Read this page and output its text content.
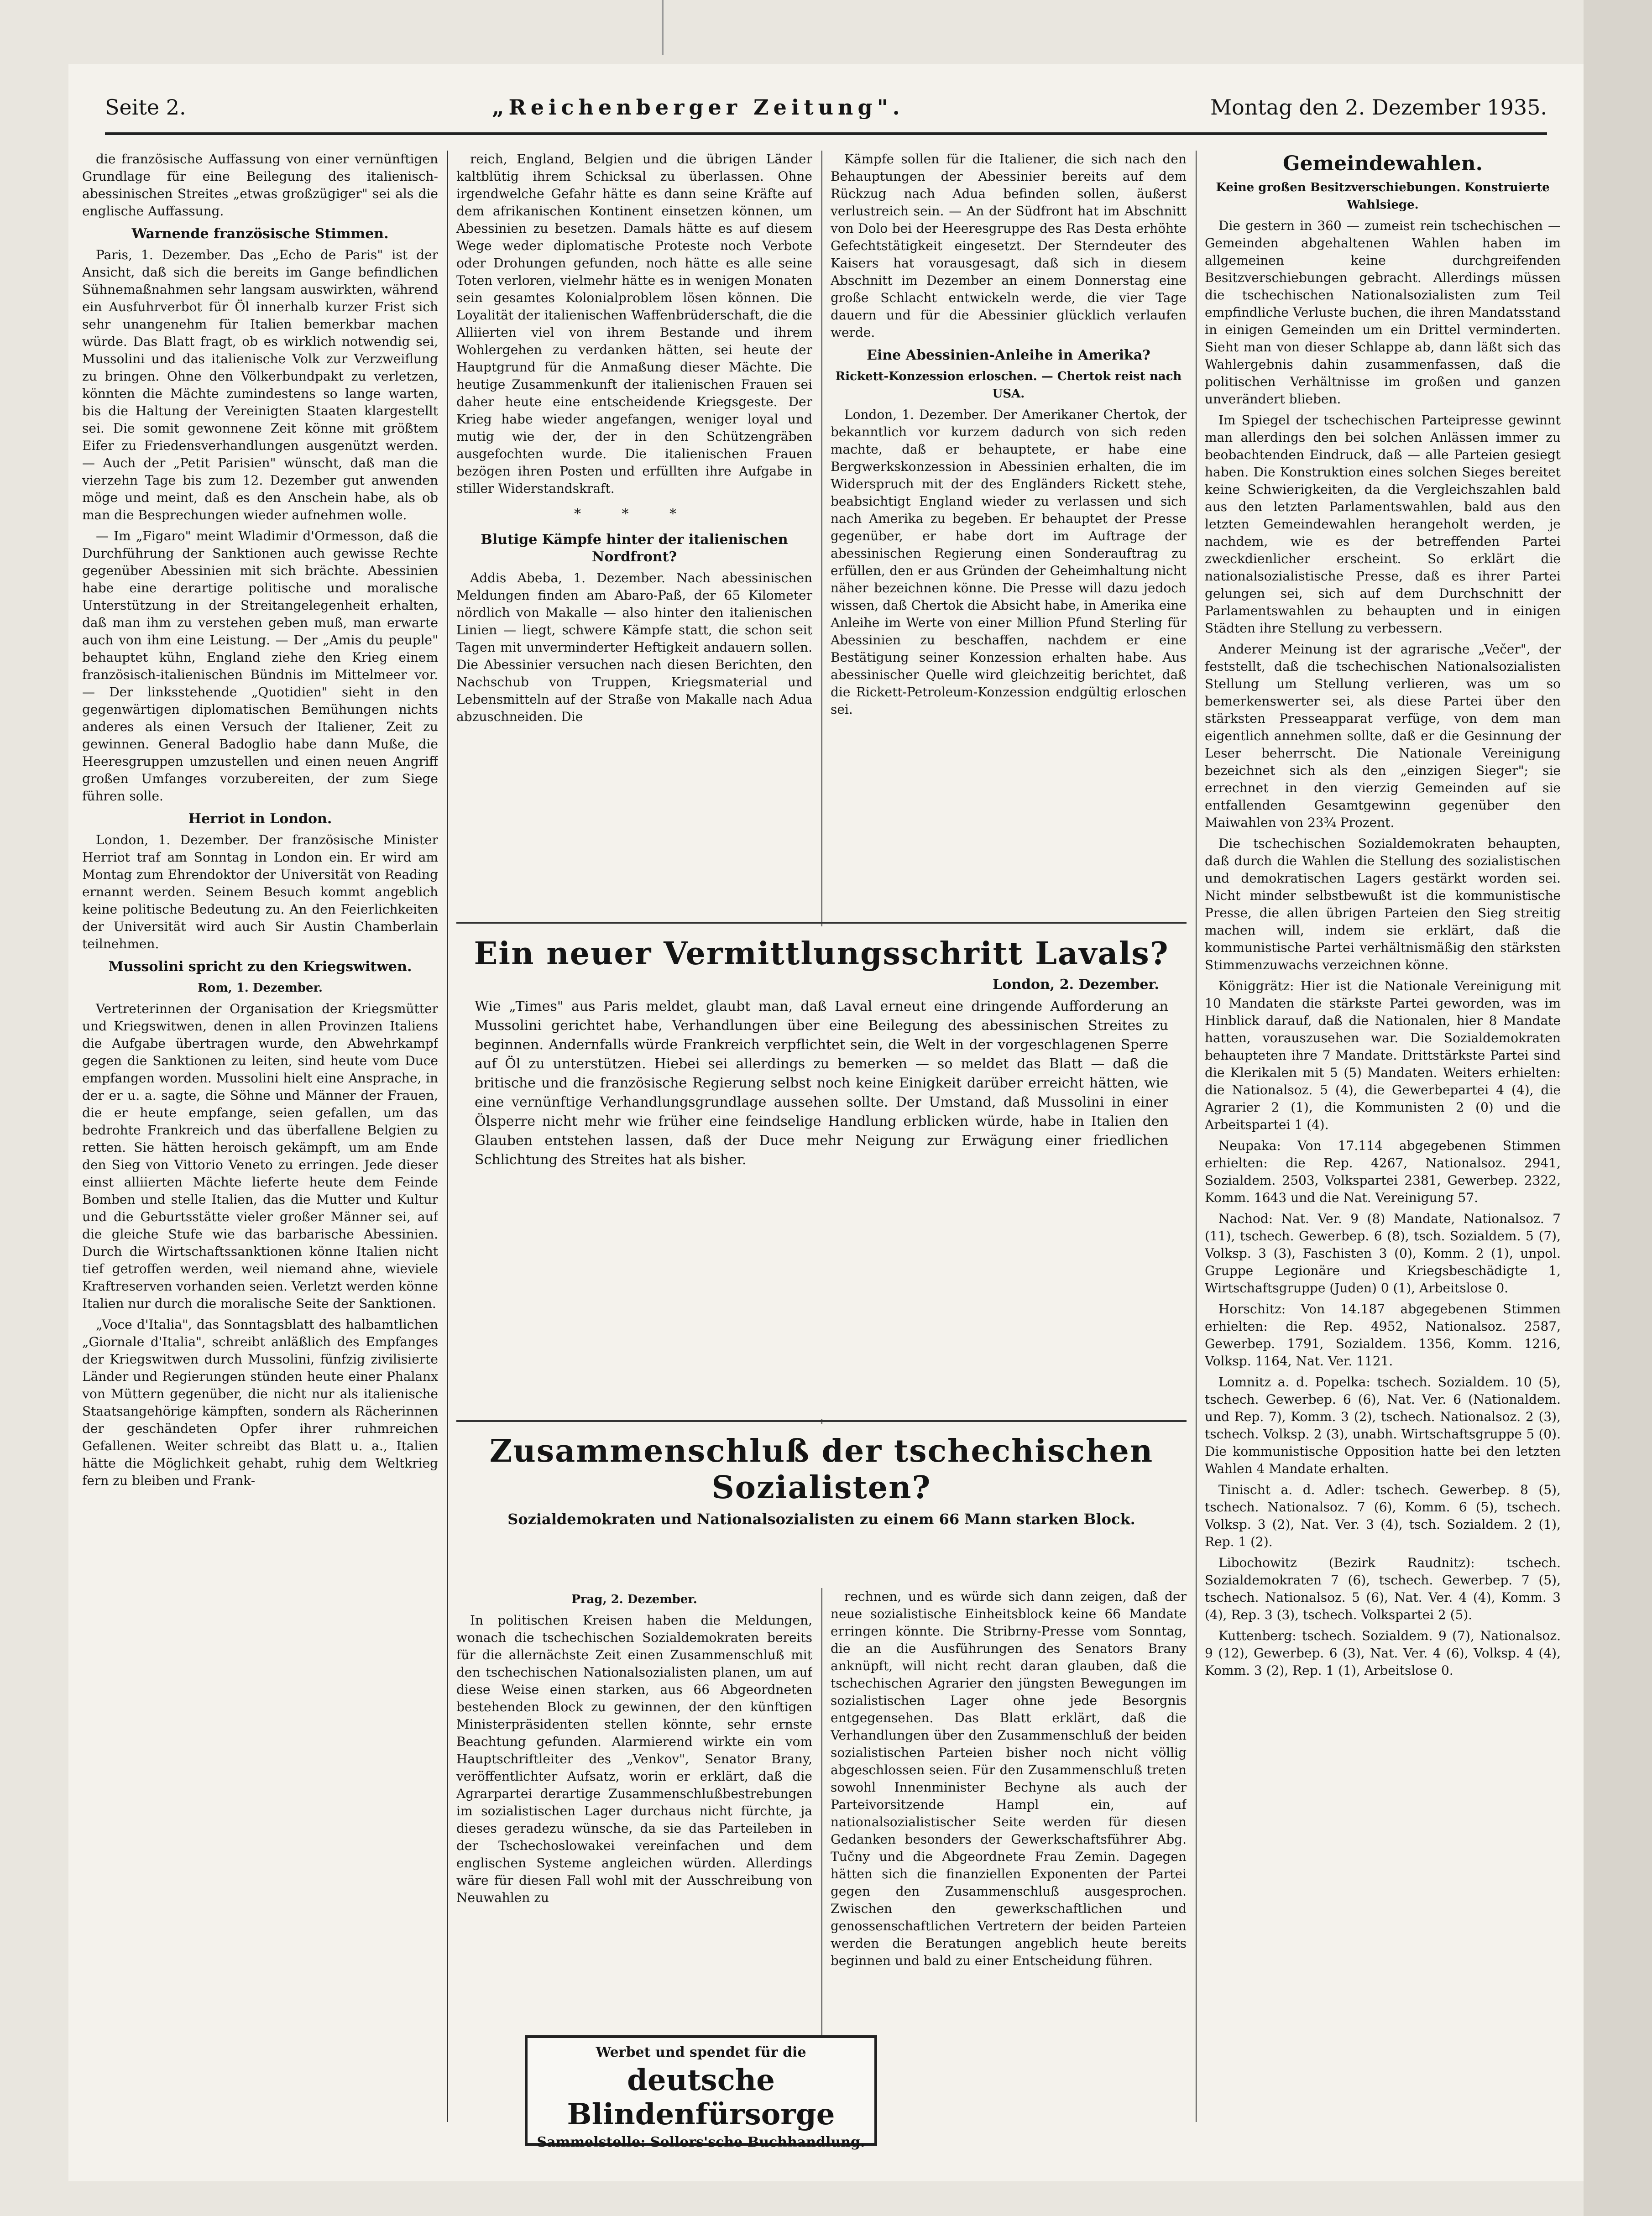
Seite 2.	„Reichenberger Zeitung".	Montag den 2. Dezember 1935.

die französische Auffassung von einer vernünftigen Grundlage für eine Beilegung des italienisch-abessinischen Streites „etwas großzügiger" sei als die englische Auffassung.

Warnende französische Stimmen.

Paris, 1. Dezember. Das „Echo de Paris" ist der Ansicht, daß sich die bereits im Gange befindlichen Sühnemaßnahmen sehr langsam auswirkten, während ein Ausfuhrverbot für Öl innerhalb kurzer Frist sich sehr unangenehm für Italien bemerkbar machen würde. Das Blatt fragt, ob es wirklich notwendig sei, Mussolini und das italienische Volk zur Verzweiflung zu bringen. Ohne den Völkerbundpakt zu verletzen, könnten die Mächte zumindestens so lange warten, bis die Haltung der Vereinigten Staaten klargestellt sei. Die somit gewonnene Zeit könne mit größtem Eifer zu Friedensverhandlungen ausgenützt werden. — Auch der „Petit Parisien" wünscht, daß man die vierzehn Tage bis zum 12. Dezember gut anwenden möge und meint, daß es den Anschein habe, als ob man die Besprechungen wieder aufnehmen wolle.

— Im „Figaro" meint Wladimir d'Ormesson, daß die Durchführung der Sanktionen auch gewisse Rechte gegenüber Abessinien mit sich brächte. Abessinien habe eine derartige politische und moralische Unterstützung in der Streitangelegenheit erhalten, daß man ihm zu verstehen geben muß, man erwarte auch von ihm eine Leistung. — Der „Amis du peuple" behauptet kühn, England ziehe den Krieg einem französisch-italienischen Bündnis im Mittelmeer vor. — Der linksstehende „Quotidien" sieht in den gegenwärtigen diplomatischen Bemühungen nichts anderes als einen Versuch der Italiener, Zeit zu gewinnen. General Badoglio habe dann Muße, die Heeresgruppen umzustellen und einen neuen Angriff großen Umfanges vorzubereiten, der zum Siege führen solle.

Herriot in London.

London, 1. Dezember. Der französische Minister Herriot traf am Sonntag in London ein. Er wird am Montag zum Ehrendoktor der Universität von Reading ernannt werden. Seinem Besuch kommt angeblich keine politische Bedeutung zu. An den Feierlichkeiten der Universität wird auch Sir Austin Chamberlain teilnehmen.

Mussolini spricht zu den Kriegswitwen.
Rom, 1. Dezember.

Vertreterinnen der Organisation der Kriegsmütter und Kriegswitwen, denen in allen Provinzen Italiens die Aufgabe übertragen wurde, den Abwehrkampf gegen die Sanktionen zu leiten, sind heute vom Duce empfangen worden. Mussolini hielt eine Ansprache, in der er u. a. sagte, die Söhne und Männer der Frauen, die er heute empfange, seien gefallen, um das bedrohte Frankreich und das überfallene Belgien zu retten. Sie hätten heroisch gekämpft, um am Ende den Sieg von Vittorio Veneto zu erringen. Jede dieser einst alliierten Mächte lieferte heute dem Feinde Bomben und stelle Italien, das die Mutter und Kultur und die Geburtsstätte vieler großer Männer sei, auf die gleiche Stufe wie das barbarische Abessinien. Durch die Wirtschaftssanktionen könne Italien nicht tief getroffen werden, weil niemand ahne, wieviele Kraftreserven vorhanden seien. Verletzt werden könne Italien nur durch die moralische Seite der Sanktionen.

„Voce d'Italia", das Sonntagsblatt des halbamtlichen „Giornale d'Italia", schreibt anläßlich des Empfanges der Kriegswitwen durch Mussolini, fünfzig zivilisierte Länder und Regierungen stünden heute einer Phalanx von Müttern gegenüber, die nicht nur als italienische Staatsangehörige kämpften, sondern als Rächerinnen der geschändeten Opfer ihrer ruhmreichen Gefallenen. Weiter schreibt das Blatt u. a., Italien hätte die Möglichkeit gehabt, ruhig dem Weltkrieg fern zu bleiben und Frank-

reich, England, Belgien und die übrigen Länder kaltblütig ihrem Schicksal zu überlassen. Ohne irgendwelche Gefahr hätte es dann seine Kräfte auf dem afrikanischen Kontinent einsetzen können, um Abessinien zu besetzen. Damals hätte es auf diesem Wege weder diplomatische Proteste noch Verbote oder Drohungen gefunden, noch hätte es alle seine Toten verloren, vielmehr hätte es in wenigen Monaten sein gesamtes Kolonialproblem lösen können. Die Loyalität der italienischen Waffenbrüderschaft, die die Alliierten viel von ihrem Bestande und ihrem Wohlergehen zu verdanken hätten, sei heute der Hauptgrund für die Anmaßung dieser Mächte. Die heutige Zusammenkunft der italienischen Frauen sei daher heute eine entscheidende Kriegsgeste. Der Krieg habe wieder angefangen, weniger loyal und mutig wie der, der in den Schützengräben ausgefochten wurde. Die italienischen Frauen bezögen ihren Posten und erfüllten ihre Aufgabe in stiller Widerstandskraft.

* * *
Blutige Kämpfe hinter der italienischen Nordfront?

Addis Abeba, 1. Dezember. Nach abessinischen Meldungen finden am Abaro-Paß, der 65 Kilometer nördlich von Makalle — also hinter den italienischen Linien — liegt, schwere Kämpfe statt, die schon seit Tagen mit unverminderter Heftigkeit andauern sollen. Die Abessinier versuchen nach diesen Berichten, den Nachschub von Truppen, Kriegsmaterial und Lebensmitteln auf der Straße von Makalle nach Adua abzuschneiden. Die

Kämpfe sollen für die Italiener, die sich nach den Behauptungen der Abessinier bereits auf dem Rückzug nach Adua befinden sollen, äußerst verlustreich sein. — An der Südfront hat im Abschnitt von Dolo bei der Heeresgruppe des Ras Desta erhöhte Gefechtstätigkeit eingesetzt. Der Sterndeuter des Kaisers hat vorausgesagt, daß sich in diesem Abschnitt im Dezember an einem Donnerstag eine große Schlacht entwickeln werde, die vier Tage dauern und für die Abessinier glücklich verlaufen werde.

Eine Abessinien-Anleihe in Amerika?
Rickett-Konzession erloschen. — Chertok reist nach USA.

London, 1. Dezember. Der Amerikaner Chertok, der bekanntlich vor kurzem dadurch von sich reden machte, daß er behauptete, er habe eine Bergwerkskonzession in Abessinien erhalten, die im Widerspruch mit der des Engländers Rickett stehe, beabsichtigt England wieder zu verlassen und sich nach Amerika zu begeben. Er behauptet der Presse gegenüber, er habe dort im Auftrage der abessinischen Regierung einen Sonderauftrag zu erfüllen, den er aus Gründen der Geheimhaltung nicht näher bezeichnen könne. Die Presse will dazu jedoch wissen, daß Chertok die Absicht habe, in Amerika eine Anleihe im Werte von einer Million Pfund Sterling für Abessinien zu beschaffen, nachdem er eine Bestätigung seiner Konzession erhalten habe. Aus abessinischer Quelle wird gleichzeitig berichtet, daß die Rickett-Petroleum-Konzession endgültig erloschen sei.

Gemeindewahlen.
Keine großen Besitzverschiebungen. Konstruierte Wahlsiege.

Die gestern in 360 — zumeist rein tschechischen — Gemeinden abgehaltenen Wahlen haben im allgemeinen keine durchgreifenden Besitzverschiebungen gebracht. Allerdings müssen die tschechischen Nationalsozialisten zum Teil empfindliche Verluste buchen, die ihren Mandatsstand in einigen Gemeinden um ein Drittel verminderten. Sieht man von dieser Schlappe ab, dann läßt sich das Wahlergebnis dahin zusammenfassen, daß die politischen Verhältnisse im großen und ganzen unverändert blieben.

Im Spiegel der tschechischen Parteipresse gewinnt man allerdings den bei solchen Anlässen immer zu beobachtenden Eindruck, daß — alle Parteien gesiegt haben. Die Konstruktion eines solchen Sieges bereitet keine Schwierigkeiten, da die Vergleichszahlen bald aus den letzten Parlamentswahlen, bald aus den letzten Gemeindewahlen herangeholt werden, je nachdem, wie es der betreffenden Partei zweckdienlicher erscheint. So erklärt die nationalsozialistische Presse, daß es ihrer Partei gelungen sei, sich auf dem Durchschnitt der Parlamentswahlen zu behaupten und in einigen Städten ihre Stellung zu verbessern.

Anderer Meinung ist der agrarische „Večer", der feststellt, daß die tschechischen Nationalsozialisten Stellung um Stellung verlieren, was um so bemerkenswerter sei, als diese Partei über den stärksten Presseapparat verfüge, von dem man eigentlich annehmen sollte, daß er die Gesinnung der Leser beherrscht. Die Nationale Vereinigung bezeichnet sich als den „einzigen Sieger"; sie errechnet in den vierzig Gemeinden auf sie entfallenden Gesamtgewinn gegenüber den Maiwahlen von 23¾ Prozent.

Die tschechischen Sozialdemokraten behaupten, daß durch die Wahlen die Stellung des sozialistischen und demokratischen Lagers gestärkt worden sei. Nicht minder selbstbewußt ist die kommunistische Presse, die allen übrigen Parteien den Sieg streitig machen will, indem sie erklärt, daß die kommunistische Partei verhältnismäßig den stärksten Stimmenzuwachs verzeichnen könne.

Königgrätz: Hier ist die Nationale Vereinigung mit 10 Mandaten die stärkste Partei geworden, was im Hinblick darauf, daß die Nationalen, hier 8 Mandate hatten, vorauszusehen war. Die Sozialdemokraten behaupteten ihre 7 Mandate. Drittstärkste Partei sind die Klerikalen mit 5 (5) Mandaten. Weiters erhielten: die Nationalsoz. 5 (4), die Gewerbepartei 4 (4), die Agrarier 2 (1), die Kommunisten 2 (0) und die Arbeitspartei 1 (4).

Neupaka: Von 17.114 abgegebenen Stimmen erhielten: die Rep. 4267, Nationalsoz. 2941, Sozialdem. 2503, Volkspartei 2381, Gewerbep. 2322, Komm. 1643 und die Nat. Vereinigung 57.

Nachod: Nat. Ver. 9 (8) Mandate, Nationalsoz. 7 (11), tschech. Gewerbep. 6 (8), tsch. Sozialdem. 5 (7), Volksp. 3 (3), Faschisten 3 (0), Komm. 2 (1), unpol. Gruppe Legionäre und Kriegsbeschädigte 1, Wirtschaftsgruppe (Juden) 0 (1), Arbeitslose 0.

Horschitz: Von 14.187 abgegebenen Stimmen erhielten: die Rep. 4952, Nationalsoz. 2587, Gewerbep. 1791, Sozialdem. 1356, Komm. 1216, Volksp. 1164, Nat. Ver. 1121.

Lomnitz a. d. Popelka: tschech. Sozialdem. 10 (5), tschech. Gewerbep. 6 (6), Nat. Ver. 6 (Nationaldem. und Rep. 7), Komm. 3 (2), tschech. Nationalsoz. 2 (3), tschech. Volksp. 2 (3), unabh. Wirtschaftsgruppe 5 (0). Die kommunistische Opposition hatte bei den letzten Wahlen 4 Mandate erhalten.

Tinischt a. d. Adler: tschech. Gewerbep. 8 (5), tschech. Nationalsoz. 7 (6), Komm. 6 (5), tschech. Volksp. 3 (2), Nat. Ver. 3 (4), tsch. Sozialdem. 2 (1), Rep. 1 (2).

Libochowitz (Bezirk Raudnitz): tschech. Sozialdemokraten 7 (6), tschech. Gewerbep. 7 (5), tschech. Nationalsoz. 5 (6), Nat. Ver. 4 (4), Komm. 3 (4), Rep. 3 (3), tschech. Volkspartei 2 (5).

Kuttenberg: tschech. Sozialdem. 9 (7), Nationalsoz. 9 (12), Gewerbep. 6 (3), Nat. Ver. 4 (6), Volksp. 4 (4), Komm. 3 (2), Rep. 1 (1), Arbeitslose 0.

Ein neuer Vermittlungsschritt Lavals?
London, 2. Dezember.

Wie „Times" aus Paris meldet, glaubt man, daß Laval erneut eine dringende Aufforderung an Mussolini gerichtet habe, Verhandlungen über eine Beilegung des abessinischen Streites zu beginnen. Andernfalls würde Frankreich verpflichtet sein, die Welt in der vorgeschlagenen Sperre auf Öl zu unterstützen. Hiebei sei allerdings zu bemerken — so meldet das Blatt — daß die britische und die französische Regierung selbst noch keine Einigkeit darüber erreicht hätten, wie eine vernünftige Verhandlungsgrundlage aussehen sollte. Der Umstand, daß Mussolini in einer Ölsperre nicht mehr wie früher eine feindselige Handlung erblicken würde, habe in Italien den Glauben entstehen lassen, daß der Duce mehr Neigung zur Erwägung einer friedlichen Schlichtung des Streites hat als bisher.

Zusammenschluß der tschechischen Sozialisten?
Sozialdemokraten und Nationalsozialisten zu einem 66 Mann starken Block.
Prag, 2. Dezember.

In politischen Kreisen haben die Meldungen, wonach die tschechischen Sozialdemokraten bereits für die allernächste Zeit einen Zusammenschluß mit den tschechischen Nationalsozialisten planen, um auf diese Weise einen starken, aus 66 Abgeordneten bestehenden Block zu gewinnen, der den künftigen Ministerpräsidenten stellen könnte, sehr ernste Beachtung gefunden. Alarmierend wirkte ein vom Hauptschriftleiter des „Venkov", Senator Brany, veröffentlichter Aufsatz, worin er erklärt, daß die Agrarpartei derartige Zusammenschlußbestrebungen im sozialistischen Lager durchaus nicht fürchte, ja dieses geradezu wünsche, da sie das Parteileben in der Tschechoslowakei vereinfachen und dem englischen Systeme angleichen würden. Allerdings wäre für diesen Fall wohl mit der Ausschreibung von Neuwahlen zu

rechnen, und es würde sich dann zeigen, daß der neue sozialistische Einheitsblock keine 66 Mandate erringen könnte. Die Stribrny-Presse vom Sonntag, die an die Ausführungen des Senators Brany anknüpft, will nicht recht daran glauben, daß die tschechischen Agrarier den jüngsten Bewegungen im sozialistischen Lager ohne jede Besorgnis entgegensehen. Das Blatt erklärt, daß die Verhandlungen über den Zusammenschluß der beiden sozialistischen Parteien bisher noch nicht völlig abgeschlossen seien. Für den Zusammenschluß treten sowohl Innenminister Bechyne als auch der Parteivorsitzende Hampl ein, auf nationalsozialistischer Seite werden für diesen Gedanken besonders der Gewerkschaftsführer Abg. Tučny und die Abgeordnete Frau Zemin. Dagegen hätten sich die finanziellen Exponenten der Partei gegen den Zusammenschluß ausgesprochen. Zwischen den gewerkschaftlichen und genossenschaftlichen Vertretern der beiden Parteien werden die Beratungen angeblich heute bereits beginnen und bald zu einer Entscheidung führen.

Werbet und spendet für die
deutsche Blindenfürsorge
Sammelstelle: Sollors'sche Buchhandlung.
